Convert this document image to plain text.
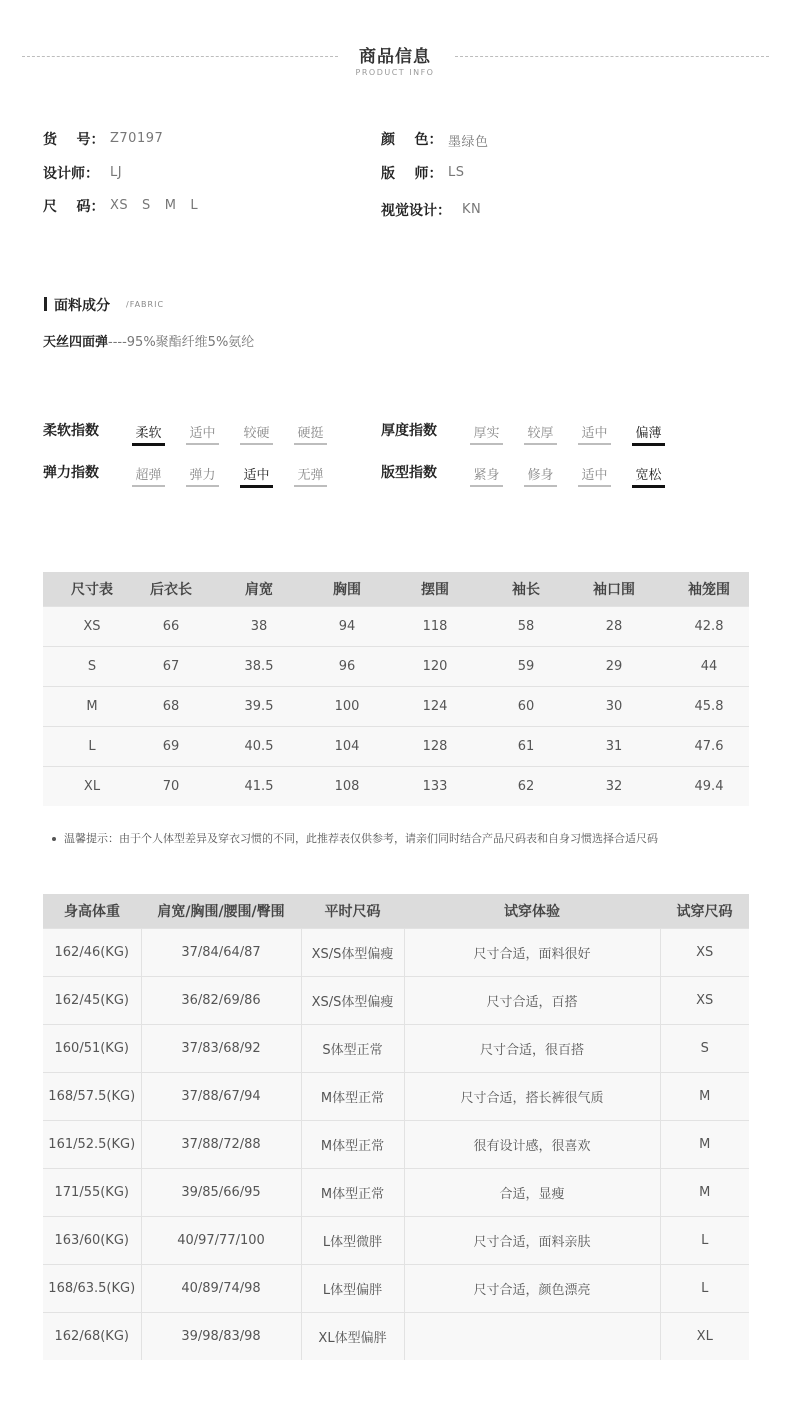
商品信息
PRODUCT INFO
货    号： Z70197
设计师： LJ
尺    码： XS   S   M   L
颜    色： 墨绿色
版    师： LS
视觉设计： KN
面料成分 /FABRIC
天丝四面弹----95%聚酯纤维5%氨纶
柔软指数	柔软 适中 较硬 硬挺	厚度指数	厚实 较厚 适中 偏薄
弹力指数	超弹 弹力 适中 无弹	版型指数	紧身 修身 适中 宽松
尺寸表	后衣长	肩宽	胸围	摆围	袖长	袖口围	袖笼围
XS	66	38	94	118	58	28	42.8
S	67	38.5	96	120	59	29	44
M	68	39.5	100	124	60	30	45.8
L	69	40.5	104	128	61	31	47.6
XL	70	41.5	108	133	62	32	49.4
温馨提示：由于个人体型差异及穿衣习惯的不同，此推荐表仅供参考，请亲们同时结合产品尺码表和自身习惯选择合适尺码
身高体重	肩宽/胸围/腰围/臀围	平时尺码	试穿体验	试穿尺码
162/46(KG)	37/84/64/87	XS/S体型偏瘦	尺寸合适，面料很好	XS
162/45(KG)	36/82/69/86	XS/S体型偏瘦	尺寸合适，百搭	XS
160/51(KG)	37/83/68/92	S体型正常	尺寸合适，很百搭	S
168/57.5(KG)	37/88/67/94	M体型正常	尺寸合适，搭长裤很气质	M
161/52.5(KG)	37/88/72/88	M体型正常	很有设计感，很喜欢	M
171/55(KG)	39/85/66/95	M体型正常	合适，显瘦	M
163/60(KG)	40/97/77/100	L体型微胖	尺寸合适，面料亲肤	L
168/63.5(KG)	40/89/74/98	L体型偏胖	尺寸合适，颜色漂亮	L
162/68(KG)	39/98/83/98	XL体型偏胖		XL
